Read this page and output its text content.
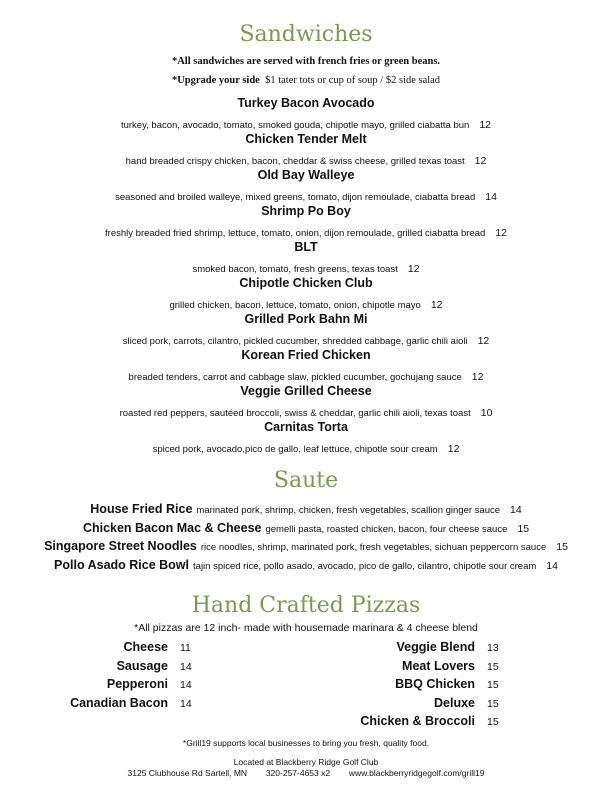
Sandwiches
*All sandwiches are served with french fries or green beans.
*Upgrade your side $1 tater tots or cup of soup / $2 side salad
Turkey Bacon Avocado
turkey, bacon, avocado, tomato, smoked gouda, chipotle mayo, grilled ciabatta bun 12
Chicken Tender Melt
hand breaded crispy chicken, bacon, cheddar & swiss cheese, grilled texas toast 12
Old Bay Walleye
seasoned and broiled walleye, mixed greens, tomato, dijon remoulade, ciabatta bread 14
Shrimp Po Boy
freshly breaded fried shrimp, lettuce, tomato, onion, dijon remoulade, grilled ciabatta bread 12
BLT
smoked bacon, tomato, fresh greens, texas toast 12
Chipotle Chicken Club
grilled chicken, bacon, lettuce, tomato, onion, chipotle mayo 12
Grilled Pork Bahn Mi
sliced pork, carrots, cilantro, pickled cucumber, shredded cabbage, garlic chili aioli 12
Korean Fried Chicken
breaded tenders, carrot and cabbage slaw, pickled cucumber, gochujang sauce 12
Veggie Grilled Cheese
roasted red peppers, sautéed broccoli, swiss & cheddar, garlic chili aioli, texas toast 10
Carnitas Torta
spiced pork, avocado,pico de gallo, leaf lettuce, chipotle sour cream 12
Saute
House Fried Rice marinated pork, shrimp, chicken, fresh vegetables, scallion ginger sauce 14
Chicken Bacon Mac & Cheese gemelli pasta, roasted chicken, bacon, four cheese sauce 15
Singapore Street Noodles rice noodles, shrimp, marinated pork, fresh vegetables, sichuan peppercorn sauce 15
Pollo Asado Rice Bowl tajin spiced rice, pollo asado, avocado, pico de gallo, cilantro, chipotle sour cream 14
Hand Crafted Pizzas
*All pizzas are 12 inch- made with housemade marinara & 4 cheese blend
Cheese 11
Sausage 14
Pepperoni 14
Canadian Bacon 14
Veggie Blend 13
Meat Lovers 15
BBQ Chicken 15
Deluxe 15
Chicken & Broccoli 15
*Grill19 supports local businesses to bring you fresh, quality food.
Located at Blackberry Ridge Golf Club
3125 Clubhouse Rd Sartell, MN 320-257-4653 x2 www.blackberryridgegolf.com/grill19
